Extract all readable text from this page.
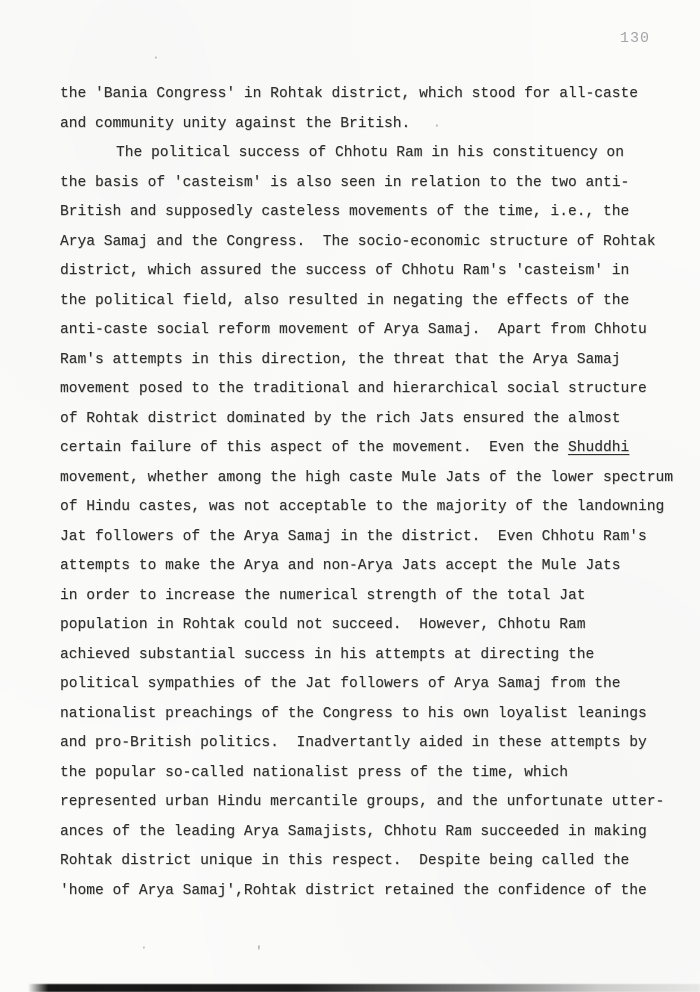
130
the 'Bania Congress' in Rohtak district, which stood for all-caste
and community unity against the British.
The political success of Chhotu Ram in his constituency on
the basis of 'casteism' is also seen in relation to the two anti-
British and supposedly casteless movements of the time, i.e., the
Arya Samaj and the Congress.  The socio-economic structure of Rohtak
district, which assured the success of Chhotu Ram's 'casteism' in
the political field, also resulted in negating the effects of the
anti-caste social reform movement of Arya Samaj.  Apart from Chhotu
Ram's attempts in this direction, the threat that the Arya Samaj
movement posed to the traditional and hierarchical social structure
of Rohtak district dominated by the rich Jats ensured the almost
certain failure of this aspect of the movement.  Even the Shuddhi
movement, whether among the high caste Mule Jats of the lower spectrum
of Hindu castes, was not acceptable to the majority of the landowning
Jat followers of the Arya Samaj in the district.  Even Chhotu Ram's
attempts to make the Arya and non-Arya Jats accept the Mule Jats
in order to increase the numerical strength of the total Jat
population in Rohtak could not succeed.  However, Chhotu Ram
achieved substantial success in his attempts at directing the
political sympathies of the Jat followers of Arya Samaj from the
nationalist preachings of the Congress to his own loyalist leanings
and pro-British politics.  Inadvertantly aided in these attempts by
the popular so-called nationalist press of the time, which
represented urban Hindu mercantile groups, and the unfortunate utter-
ances of the leading Arya Samajists, Chhotu Ram succeeded in making
Rohtak district unique in this respect.  Despite being called the
'home of Arya Samaj',Rohtak district retained the confidence of the
·
·
·	'
